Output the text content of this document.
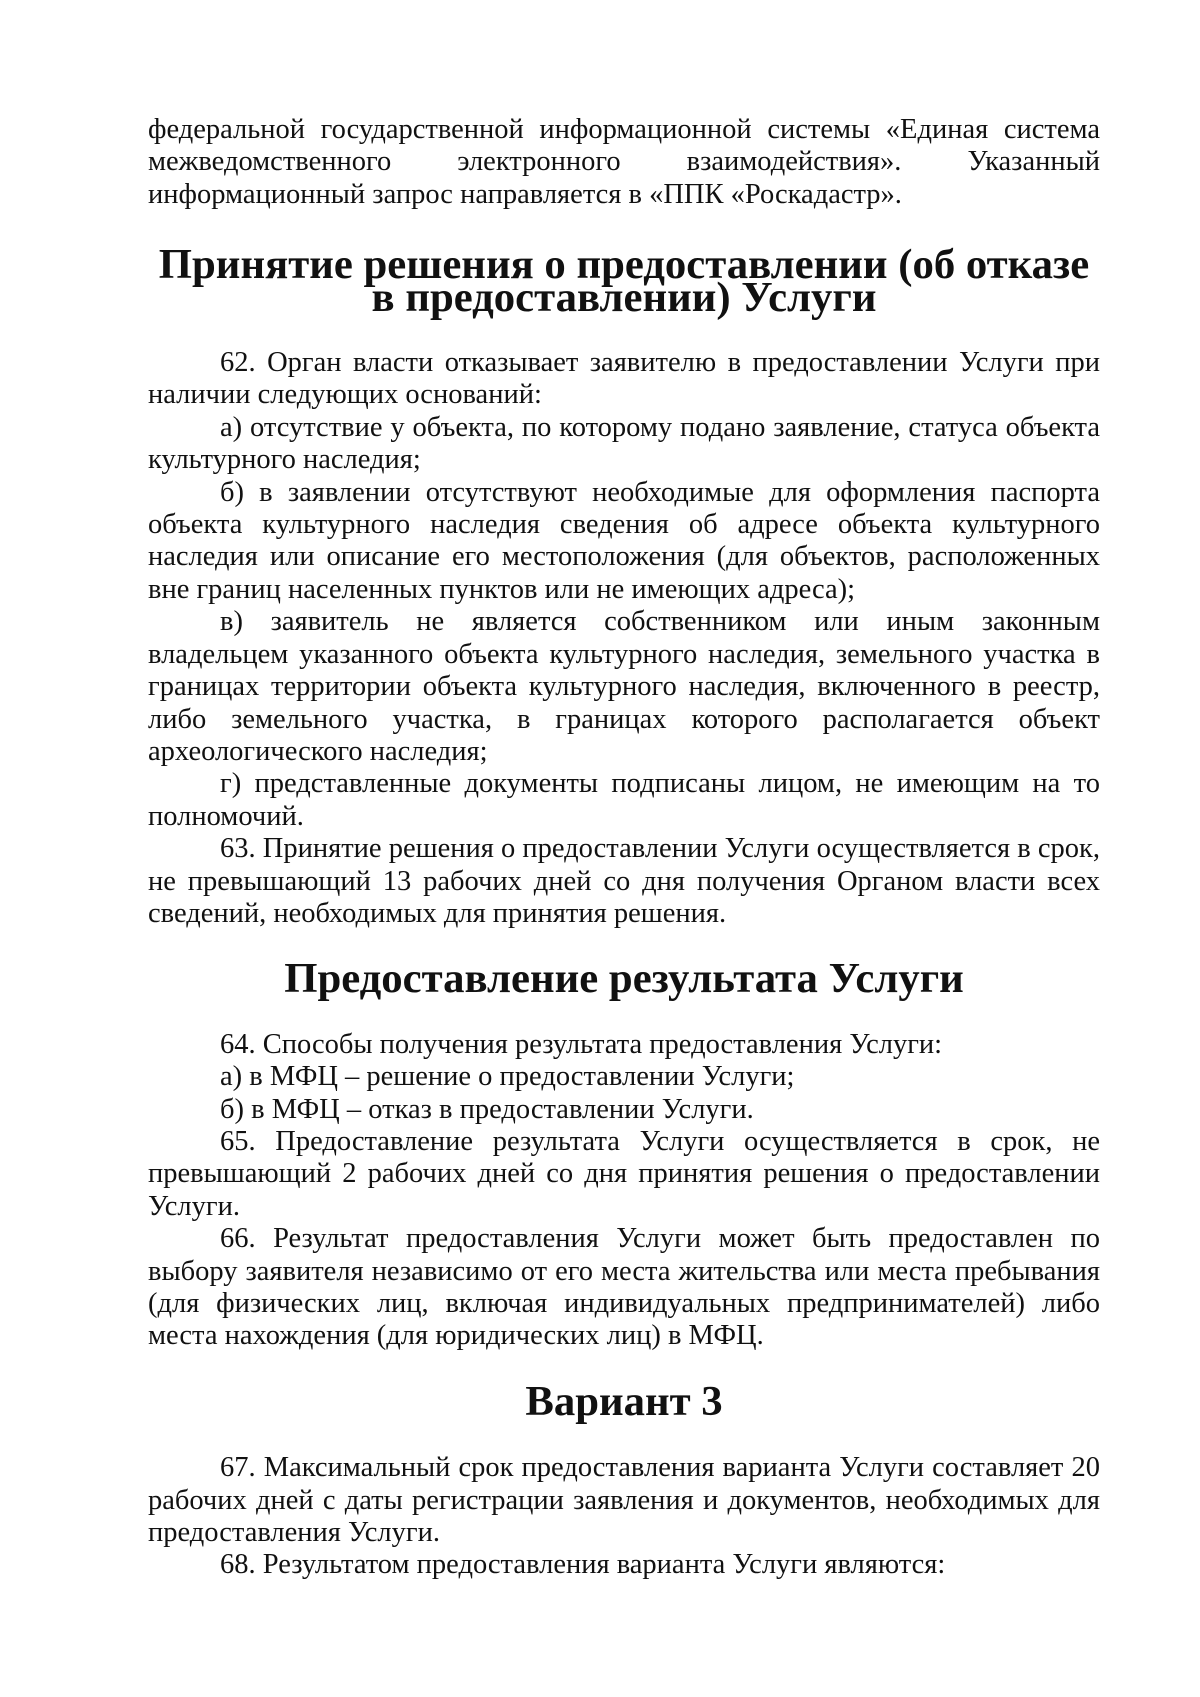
федеральной государственной информационной системы «Единая система межведомственного электронного взаимодействия». Указанный информационный запрос направляется в «ППК «Роскадастр».

Принятие решения о предоставлении (об отказе в предоставлении) Услуги

62. Орган власти отказывает заявителю в предоставлении Услуги при наличии следующих оснований:

а) отсутствие у объекта, по которому подано заявление, статуса объекта культурного наследия;

б) в заявлении отсутствуют необходимые для оформления паспорта объекта культурного наследия сведения об адресе объекта культурного наследия или описание его местоположения (для объектов, расположенных вне границ населенных пунктов или не имеющих адреса);

в) заявитель не является собственником или иным законным владельцем указанного объекта культурного наследия, земельного участка в границах территории объекта культурного наследия, включенного в реестр, либо земельного участка, в границах которого располагается объект археологического наследия;

г) представленные документы подписаны лицом, не имеющим на то полномочий.

63. Принятие решения о предоставлении Услуги осуществляется в срок, не превышающий 13 рабочих дней со дня получения Органом власти всех сведений, необходимых для принятия решения.

Предоставление результата Услуги

64. Способы получения результата предоставления Услуги:

а) в МФЦ – решение о предоставлении Услуги;

б) в МФЦ – отказ в предоставлении Услуги.

65. Предоставление результата Услуги осуществляется в срок, не превышающий 2 рабочих дней со дня принятия решения о предоставлении Услуги.

66. Результат предоставления Услуги может быть предоставлен по выбору заявителя независимо от его места жительства или места пребывания (для физических лиц, включая индивидуальных предпринимателей) либо места нахождения (для юридических лиц) в МФЦ.

Вариант 3

67. Максимальный срок предоставления варианта Услуги составляет 20 рабочих дней с даты регистрации заявления и документов, необходимых для предоставления Услуги.

68. Результатом предоставления варианта Услуги являются:
